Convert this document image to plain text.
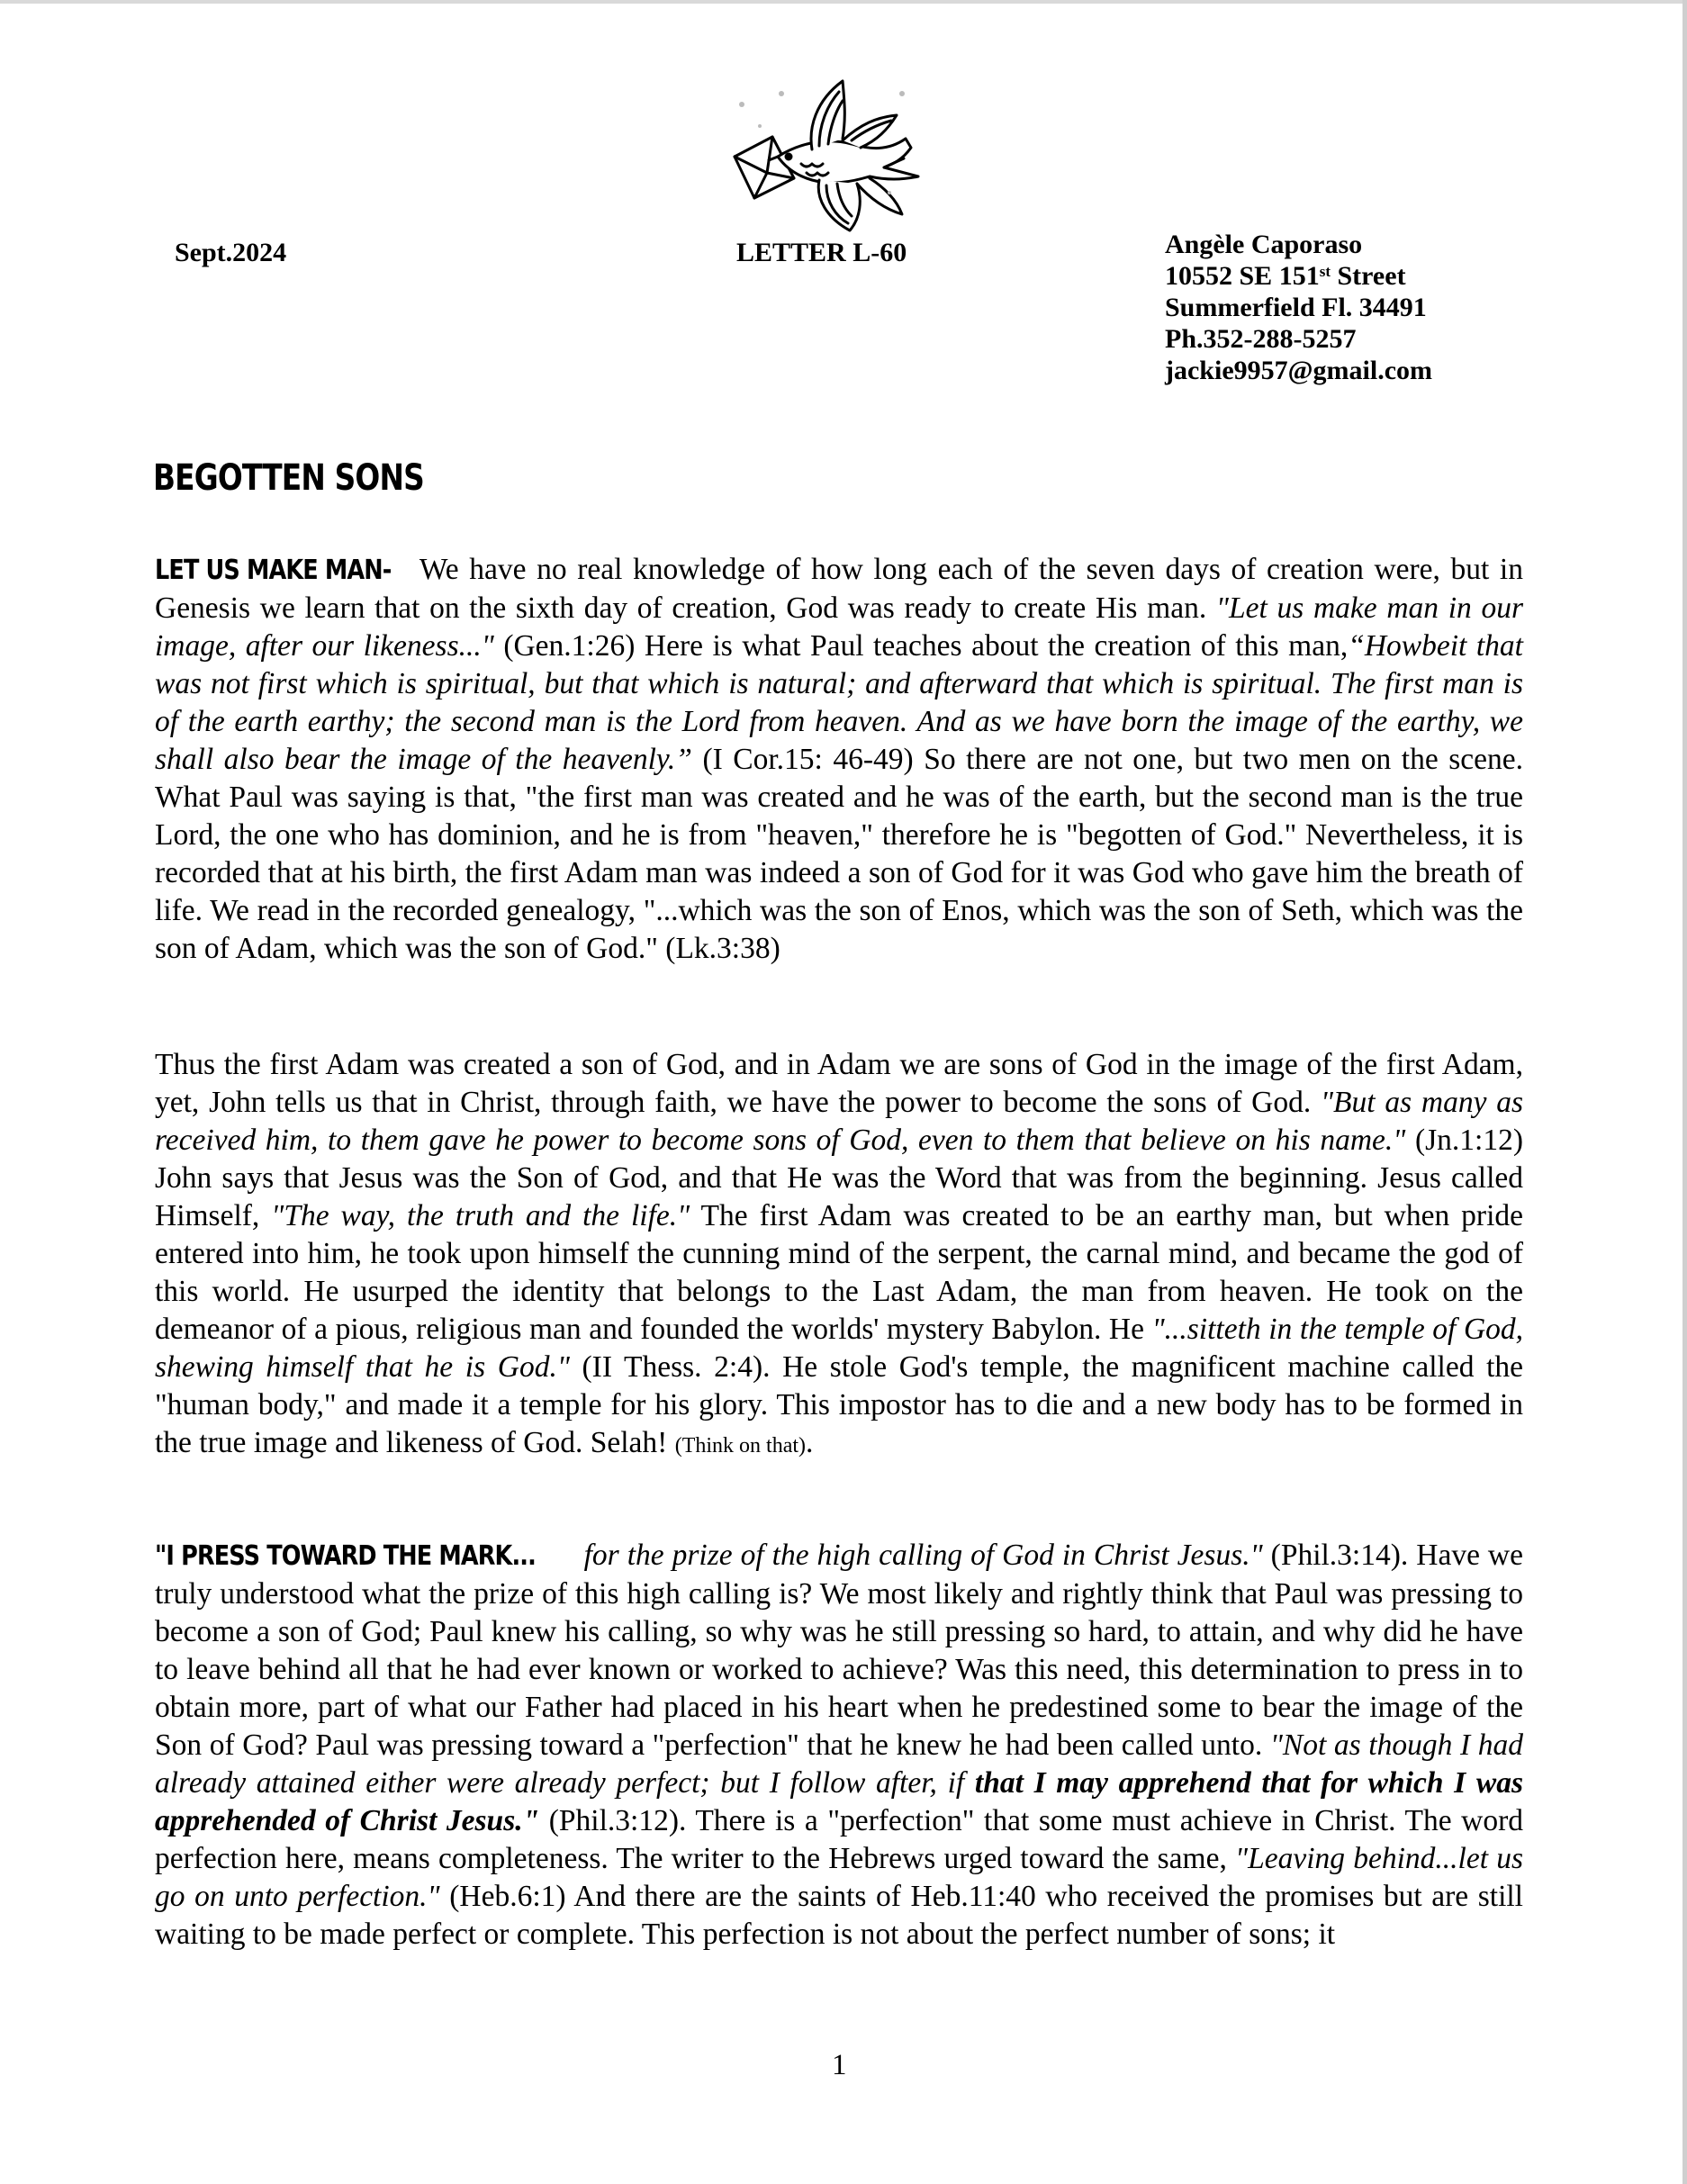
Sept.2024	LETTER L-60	Angèle Caporaso
10552 SE 151st Street
Summerfield Fl. 34491
Ph.352-288-5257
jackie9957@gmail.com
BEGOTTEN SONS

LET US MAKE MAN- We have no real knowledge of how long each of the seven days of creation were, but in Genesis we learn that on the sixth day of creation, God was ready to create His man. "Let us make man in our image, after our likeness..." (Gen.1:26) Here is what Paul teaches about the creation of this man,“Howbeit that was not first which is spiritual, but that which is natural; and afterward that which is spiritual. The first man is of the earth earthy; the second man is the Lord from heaven. And as we have born the image of the earthy, we shall also bear the image of the heavenly.” (I Cor.15: 46-49) So there are not one, but two men on the scene. What Paul was saying is that, "the first man was created and he was of the earth, but the second man is the true Lord, the one who has dominion, and he is from "heaven," therefore he is "begotten of God." Nevertheless, it is recorded that at his birth, the first Adam man was indeed a son of God for it was God who gave him the breath of life. We read in the recorded genealogy, "...which was the son of Enos, which was the son of Seth, which was the son of Adam, which was the son of God." (Lk.3:38)

Thus the first Adam was created a son of God, and in Adam we are sons of God in the image of the first Adam, yet, John tells us that in Christ, through faith, we have the power to become the sons of God. "But as many as received him, to them gave he power to become sons of God, even to them that believe on his name." (Jn.1:12) John says that Jesus was the Son of God, and that He was the Word that was from the beginning. Jesus called Himself, "The way, the truth and the life." The first Adam was created to be an earthy man, but when pride entered into him, he took upon himself the cunning mind of the serpent, the carnal mind, and became the god of this world. He usurped the identity that belongs to the Last Adam, the man from heaven. He took on the demeanor of a pious, religious man and founded the worlds' mystery Babylon. He "...sitteth in the temple of God, shewing himself that he is God." (II Thess. 2:4). He stole God's temple, the magnificent machine called the "human body," and made it a temple for his glory. This impostor has to die and a new body has to be formed in the true image and likeness of God. Selah! (Think on that).

"I PRESS TOWARD THE MARK... for the prize of the high calling of God in Christ Jesus." (Phil.3:14). Have we truly understood what the prize of this high calling is? We most likely and rightly think that Paul was pressing to become a son of God; Paul knew his calling, so why was he still pressing so hard, to attain, and why did he have to leave behind all that he had ever known or worked to achieve? Was this need, this determination to press in to obtain more, part of what our Father had placed in his heart when he predestined some to bear the image of the Son of God? Paul was pressing toward a "perfection" that he knew he had been called unto. "Not as though I had already attained either were already perfect; but I follow after, if that I may apprehend that for which I was apprehended of Christ Jesus." (Phil.3:12). There is a "perfection" that some must achieve in Christ. The word perfection here, means completeness. The writer to the Hebrews urged toward the same, "Leaving behind...let us go on unto perfection." (Heb.6:1) And there are the saints of Heb.11:40 who received the promises but are still waiting to be made perfect or complete. This perfection is not about the perfect number of sons; it

1
